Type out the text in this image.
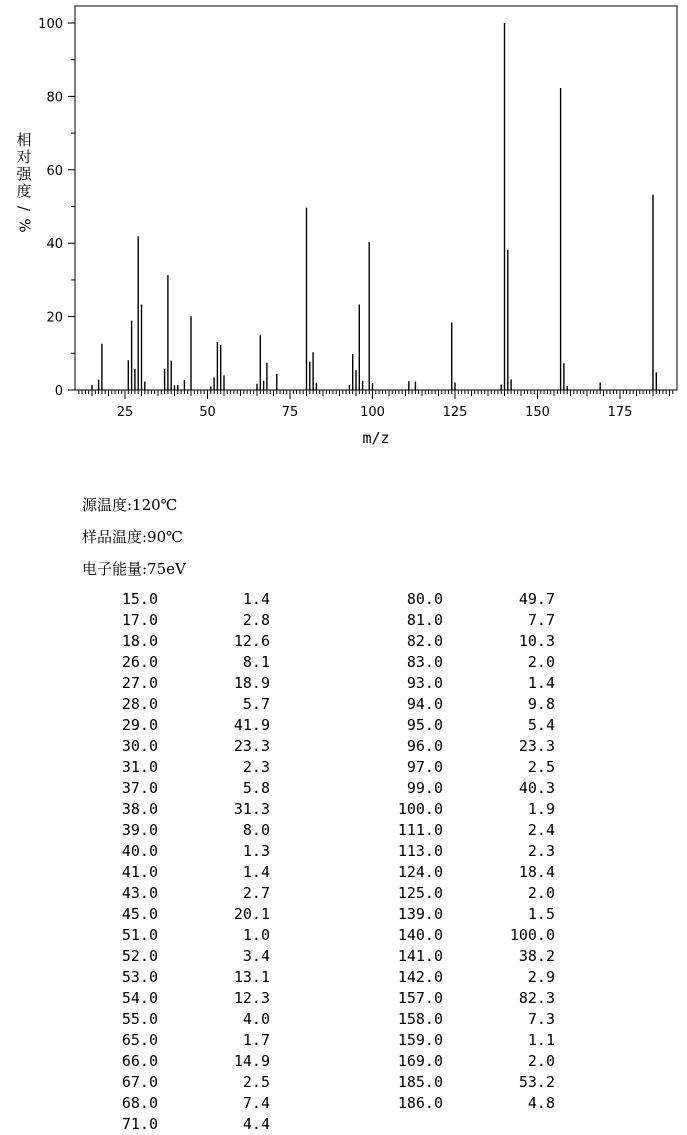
0
20
40
60
80
100
25	50	75	100	125	150	175
m/z
相
对
强
度
/
%
源温度:120℃
样品温度:90℃
电子能量:75eV
15.0	1.4
17.0	2.8
18.0	12.6
26.0	8.1
27.0	18.9
28.0	5.7
29.0	41.9
30.0	23.3
31.0	2.3
37.0	5.8
38.0	31.3
39.0	8.0
40.0	1.3
41.0	1.4
43.0	2.7
45.0	20.1
51.0	1.0
52.0	3.4
53.0	13.1
54.0	12.3
55.0	4.0
65.0	1.7
66.0	14.9
67.0	2.5
68.0	7.4
71.0	4.4
80.0	49.7
81.0	7.7
82.0	10.3
83.0	2.0
93.0	1.4
94.0	9.8
95.0	5.4
96.0	23.3
97.0	2.5
99.0	40.3
100.0	1.9
111.0	2.4
113.0	2.3
124.0	18.4
125.0	2.0
139.0	1.5
140.0	100.0
141.0	38.2
142.0	2.9
157.0	82.3
158.0	7.3
159.0	1.1
169.0	2.0
185.0	53.2
186.0	4.8
